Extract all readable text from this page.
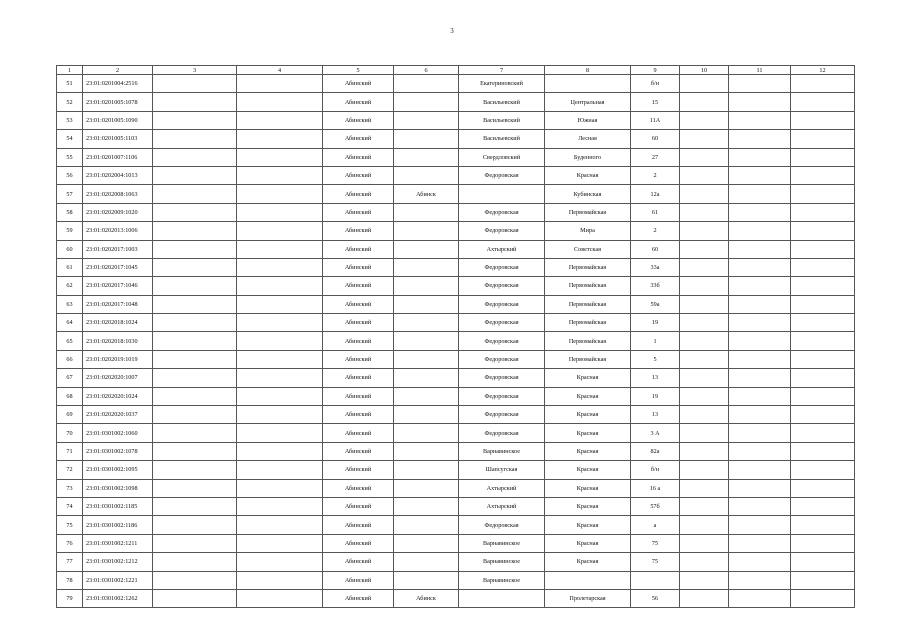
3
1	2	3	4	5	6	7	8	9	10	11	12
51	23:01:0201004:2516			Абинский		Екатериновский		б/н			
52	23:01:0201005:1078			Абинский		Васильевский	Центральная	15			
53	23:01:0201005:1090			Абинский		Васильевский	Южная	11А			
54	23:01:0201005:1103			Абинский		Васильевский	Лесная	60			
55	23:01:0201007:1106			Абинский		Свердловский	Буденного	27			
56	23:01:0202004:1013			Абинский		Федоровская	Красная	2			
57	23:01:0202008:1063			Абинский	Абинск		Кубинская	12а			
58	23:01:0202009:1020			Абинский		Федоровская	Первомайская	61			
59	23:01:0202013:1006			Абинский		Федоровская	Мира	2			
60	23:01:0202017:1003			Абинский		Ахтырский	Советская	60			
61	23:01:0202017:1045			Абинский		Федоровская	Первомайская	33а			
62	23:01:0202017:1046			Абинский		Федоровская	Первомайская	33б			
63	23:01:0202017:1048			Абинский		Федоровская	Первомайская	59а			
64	23:01:0202018:1024			Абинский		Федоровская	Первомайская	19			
65	23:01:0202018:1030			Абинский		Федоровская	Первомайская	1			
66	23:01:0202019:1019			Абинский		Федоровская	Первомайская	5			
67	23:01:0202020:1007			Абинский		Федоровская	Красная	13			
68	23:01:0202020:1024			Абинский		Федоровская	Красная	19			
69	23:01:0202020:1037			Абинский		Федоровская	Красная	13			
70	23:01:0301002:1060			Абинский		Федоровская	Красная	3 А			
71	23:01:0301002:1078			Абинский		Варнавинское	Красная	82а			
72	23:01:0301002:1095			Абинский		Шапсугская	Красная	б/н			
73	23:01:0301002:1098			Абинский		Ахтырский	Красная	16 а			
74	23:01:0301002:1185			Абинский		Ахтырский	Красная	57б			
75	23:01:0301002:1186			Абинский		Федоровская	Красная	а			
76	23:01:0301002:1211			Абинский		Варнавинское	Красная	75			
77	23:01:0301002:1212			Абинский		Варнавинское	Красная	75			
78	23:01:0301002:1221			Абинский		Варнавинское					
79	23:01:0301002:1262			Абинский	Абинск		Пролетарская	56			
